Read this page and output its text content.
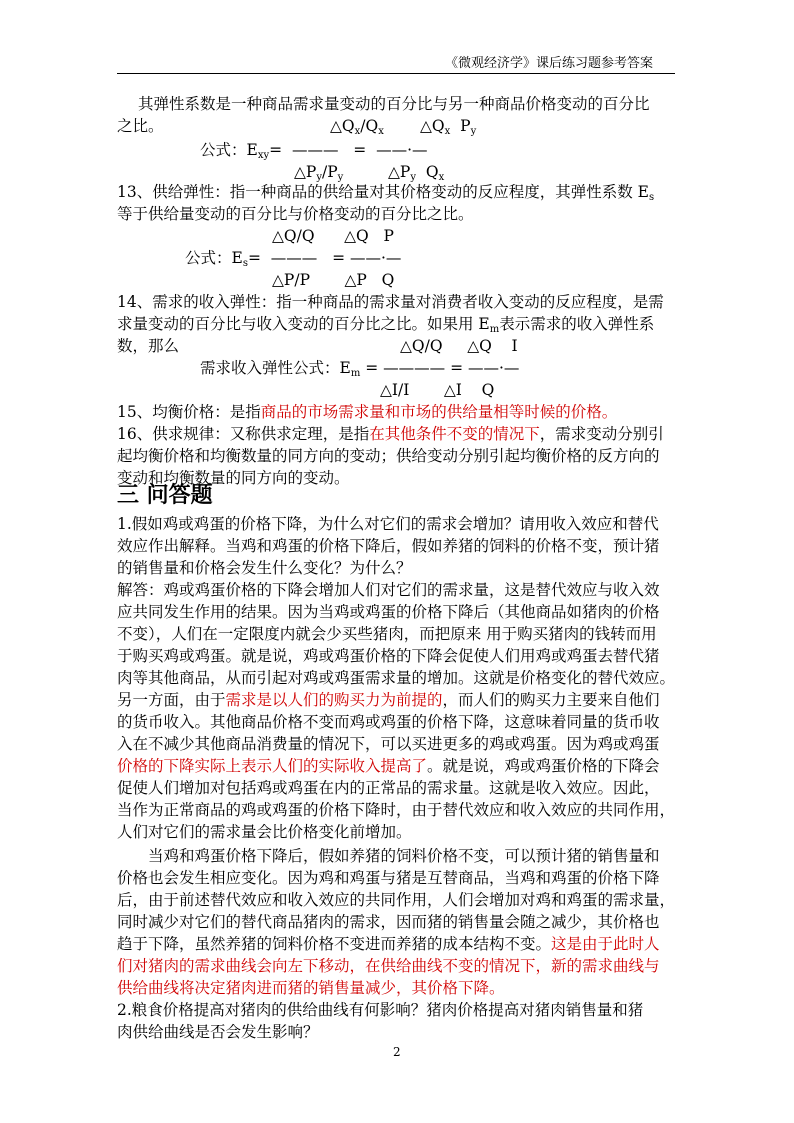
《微观经济学》课后练习题参考答案
其弹性系数是一种商品需求量变动的百分比与另一种商品价格变动的百分比
之比。	$\triangle Q_x/Q_x$ $\triangle Q_x$ $P_y$
公式：$E_{xy}=$  ———   =  ——·—
$\triangle P_y/P_y$	$\triangle P_y$ $Q_x$
13、供给弹性：指一种商品的供给量对其价格变动的反应程度，其弹性系数 $E_s$
等于供给量变动的百分比与价格变动的百分比之比。
△Q/Q      △Q   P
公式：$E_s=$  ———   = ——·—
△P/P       △P   Q
14、需求的收入弹性：指一种商品的需求量对消费者收入变动的反应程度，是需
求量变动的百分比与收入变动的百分比之比。如果用 $E_m$表示需求的收入弹性系
数，那么	△Q/Q     △Q    I
需求收入弹性公式：$E_m$ = ———— = ——·—
△I/I       △I    Q
15、均衡价格：是指商品的市场需求量和市场的供给量相等时候的价格。
16、供求规律：又称供求定理，是指在其他条件不变的情况下，需求变动分别引
起均衡价格和均衡数量的同方向的变动；供给变动分别引起均衡价格的反方向的
变动和均衡数量的同方向的变动。
三 问答题
1.假如鸡或鸡蛋的价格下降，为什么对它们的需求会增加？请用收入效应和替代
效应作出解释。当鸡和鸡蛋的价格下降后，假如养猪的饲料的价格不变，预计猪
的销售量和价格会发生什么变化？为什么？
解答：鸡或鸡蛋价格的下降会增加人们对它们的需求量，这是替代效应与收入效
应共同发生作用的结果。因为当鸡或鸡蛋的价格下降后（其他商品如猪肉的价格
不变），人们在一定限度内就会少买些猪肉，而把原来 用于购买猪肉的钱转而用
于购买鸡或鸡蛋。就是说，鸡或鸡蛋价格的下降会促使人们用鸡或鸡蛋去替代猪
肉等其他商品，从而引起对鸡或鸡蛋需求量的增加。这就是价格变化的替代效应。
另一方面，由于需求是以人们的购买力为前提的，而人们的购买力主要来自他们
的货币收入。其他商品价格不变而鸡或鸡蛋的价格下降，这意味着同量的货币收
入在不减少其他商品消费量的情况下，可以买进更多的鸡或鸡蛋。因为鸡或鸡蛋
价格的下降实际上表示人们的实际收入提高了。就是说，鸡或鸡蛋价格的下降会
促使人们增加对包括鸡或鸡蛋在内的正常品的需求量。这就是收入效应。因此，
当作为正常商品的鸡或鸡蛋的价格下降时，由于替代效应和收入效应的共同作用，
人们对它们的需求量会比价格变化前增加。
当鸡和鸡蛋价格下降后，假如养猪的饲料价格不变，可以预计猪的销售量和
价格也会发生相应变化。因为鸡和鸡蛋与猪是互替商品，当鸡和鸡蛋的价格下降
后，由于前述替代效应和收入效应的共同作用，人们会增加对鸡和鸡蛋的需求量，
同时减少对它们的替代商品猪肉的需求，因而猪的销售量会随之减少，其价格也
趋于下降，虽然养猪的饲料价格不变进而养猪的成本结构不变。这是由于此时人
们对猪肉的需求曲线会向左下移动，在供给曲线不变的情况下，新的需求曲线与
供给曲线将决定猪肉进而猪的销售量减少，其价格下降。
2.粮食价格提高对猪肉的供给曲线有何影响？猪肉价格提高对猪肉销售量和猪
肉供给曲线是否会发生影响？
2
